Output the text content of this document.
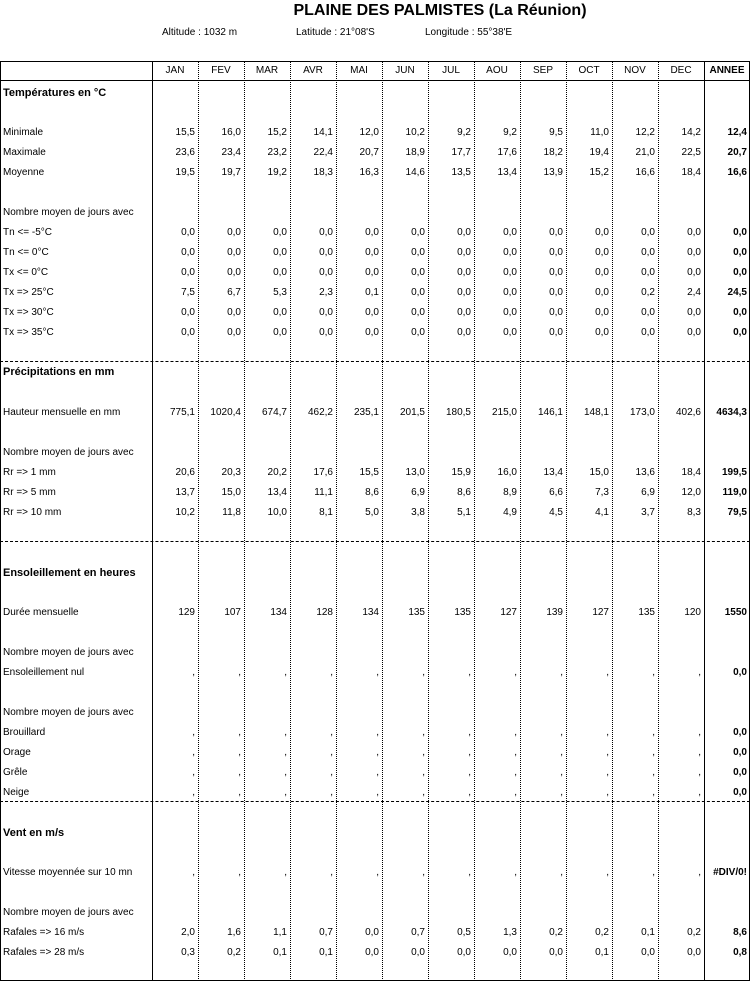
PLAINE DES PALMISTES (La Réunion)
Altitude : 1032 m	Latitude : 21°08'S	Longitude : 55°38'E
JAN	FEV	MAR	AVR	MAI	JUN	JUL	AOU	SEP	OCT	NOV	DEC	ANNEE
Températures en °C
Minimale	15,5	16,0	15,2	14,1	12,0	10,2	9,2	9,2	9,5	11,0	12,2	14,2	12,4
Maximale	23,6	23,4	23,2	22,4	20,7	18,9	17,7	17,6	18,2	19,4	21,0	22,5	20,7
Moyenne	19,5	19,7	19,2	18,3	16,3	14,6	13,5	13,4	13,9	15,2	16,6	18,4	16,6
Nombre moyen de jours avec
Tn <= -5°C	0,0	0,0	0,0	0,0	0,0	0,0	0,0	0,0	0,0	0,0	0,0	0,0	0,0
Tn <= 0°C	0,0	0,0	0,0	0,0	0,0	0,0	0,0	0,0	0,0	0,0	0,0	0,0	0,0
Tx <= 0°C	0,0	0,0	0,0	0,0	0,0	0,0	0,0	0,0	0,0	0,0	0,0	0,0	0,0
Tx => 25°C	7,5	6,7	5,3	2,3	0,1	0,0	0,0	0,0	0,0	0,0	0,2	2,4	24,5
Tx => 30°C	0,0	0,0	0,0	0,0	0,0	0,0	0,0	0,0	0,0	0,0	0,0	0,0	0,0
Tx => 35°C	0,0	0,0	0,0	0,0	0,0	0,0	0,0	0,0	0,0	0,0	0,0	0,0	0,0
Précipitations en mm
Hauteur mensuelle en mm	775,1	1020,4	674,7	462,2	235,1	201,5	180,5	215,0	146,1	148,1	173,0	402,6	4634,3
Nombre moyen de jours avec
Rr => 1 mm	20,6	20,3	20,2	17,6	15,5	13,0	15,9	16,0	13,4	15,0	13,6	18,4	199,5
Rr => 5 mm	13,7	15,0	13,4	11,1	8,6	6,9	8,6	8,9	6,6	7,3	6,9	12,0	119,0
Rr => 10 mm	10,2	11,8	10,0	8,1	5,0	3,8	5,1	4,9	4,5	4,1	3,7	8,3	79,5
Ensoleillement en heures
Durée mensuelle	129	107	134	128	134	135	135	127	139	127	135	120	1550
Nombre moyen de jours avec
Ensoleillement nul	,	,	,	,	,	,	,	,	,	,	,	,	0,0
Nombre moyen de jours avec
Brouillard	,	,	,	,	,	,	,	,	,	,	,	,	0,0
Orage	,	,	,	,	,	,	,	,	,	,	,	,	0,0
Grêle	,	,	,	,	,	,	,	,	,	,	,	,	0,0
Neige	,	,	,	,	,	,	,	,	,	,	,	,	0,0
Vent en m/s
Vitesse moyennée sur 10 mn	,	,	,	,	,	,	,	,	,	,	,	,	#DIV/0!
Nombre moyen de jours avec
Rafales => 16 m/s	2,0	1,6	1,1	0,7	0,0	0,7	0,5	1,3	0,2	0,2	0,1	0,2	8,6
Rafales => 28 m/s	0,3	0,2	0,1	0,1	0,0	0,0	0,0	0,0	0,0	0,1	0,0	0,0	0,8
